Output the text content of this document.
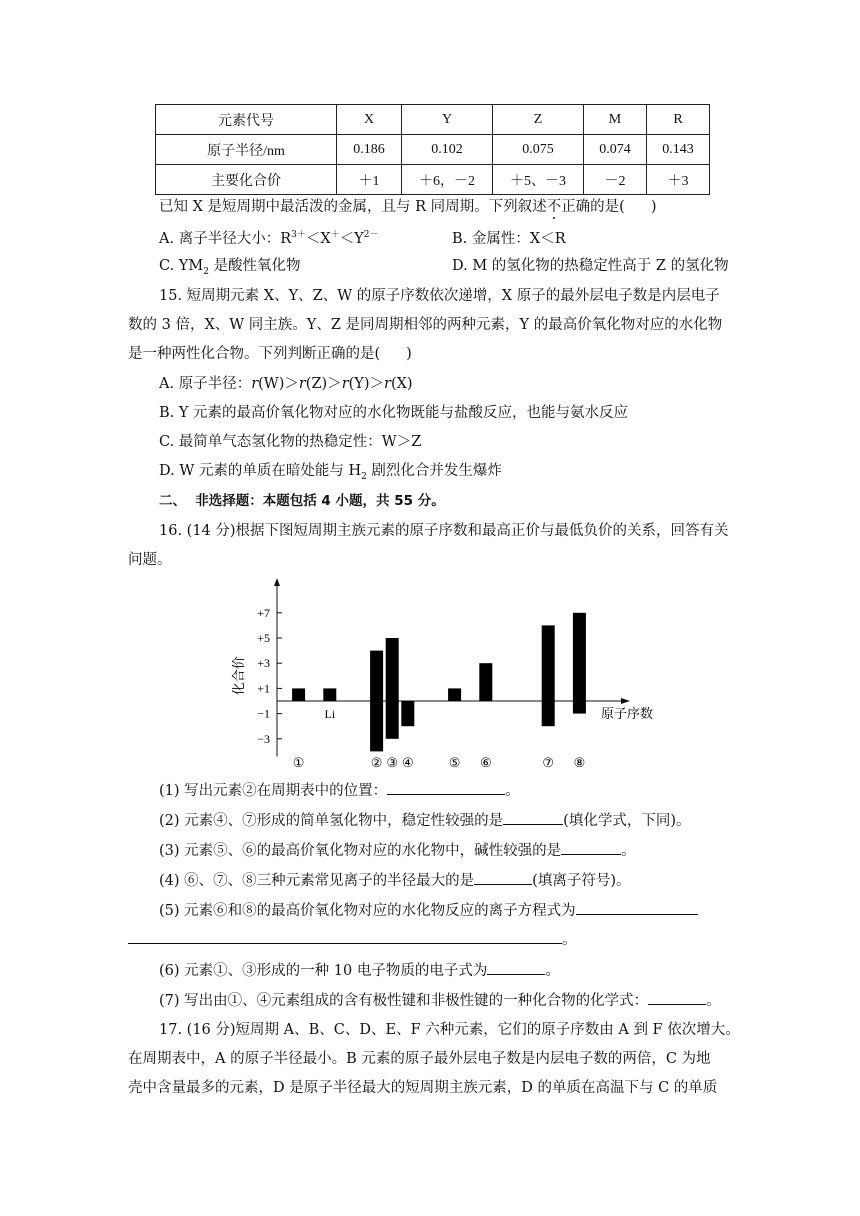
元素代号	X	Y	Z	M	R
原子半径/nm	0.186	0.102	0.075	0.074	0.143
主要化合价	＋1	＋6，－2	＋5、－3	－2	＋3
已知 X 是短周期中最活泼的金属，且与 R 同周期。下列叙述不正确的是( )
A. 离子半径大小：$R^{3+}<X^+<Y^{2-}$	B. 金属性：X＜R
C. $YM_2$ 是酸性氧化物	D. M 的氢化物的热稳定性高于 Z 的氢化物
15. 短周期元素 X、Y、Z、W 的原子序数依次递增，X 原子的最外层电子数是内层电子
数的 3 倍，X、W 同主族。Y、Z 是同周期相邻的两种元素，Y 的最高价氧化物对应的水化物
是一种两性化合物。下列判断正确的是( )
A. 原子半径：r(W)＞r(Z)＞r(Y)＞r(X)
B. Y 元素的最高价氧化物对应的水化物既能与盐酸反应，也能与氨水反应
C. 最简单气态氢化物的热稳定性：W＞Z
D. W 元素的单质在暗处能与 $H_2$ 剧烈化合并发生爆炸
二、 非选择题：本题包括 4 小题，共 55 分。
16. (14 分)根据下图短周期主族元素的原子序数和最高正价与最低负价的关系，回答有关
问题。
+7
+5
+3
+1
−1
−3
化合价
原子序数
①
Li
② ③ ④	⑤ ⑥	⑦ ⑧
(1) 写出元素②在周期表中的位置：	。
(2) 元素④、⑦形成的简单氢化物中，稳定性较强的是	(填化学式，下同)。
(3) 元素⑤、⑥的最高价氧化物对应的水化物中，碱性较强的是	。
(4) ⑥、⑦、⑧三种元素常见离子的半径最大的是	(填离子符号)。
(5) 元素⑥和⑧的最高价氧化物对应的水化物反应的离子方程式为
。
(6) 元素①、③形成的一种 10 电子物质的电子式为	。
(7) 写出由①、④元素组成的含有极性键和非极性键的一种化合物的化学式：	。
17. (16 分)短周期 A、B、C、D、E、F 六种元素，它们的原子序数由 A 到 F 依次增大。
在周期表中，A 的原子半径最小。B 元素的原子最外层电子数是内层电子数的两倍，C 为地
壳中含量最多的元素，D 是原子半径最大的短周期主族元素，D 的单质在高温下与 C 的单质
